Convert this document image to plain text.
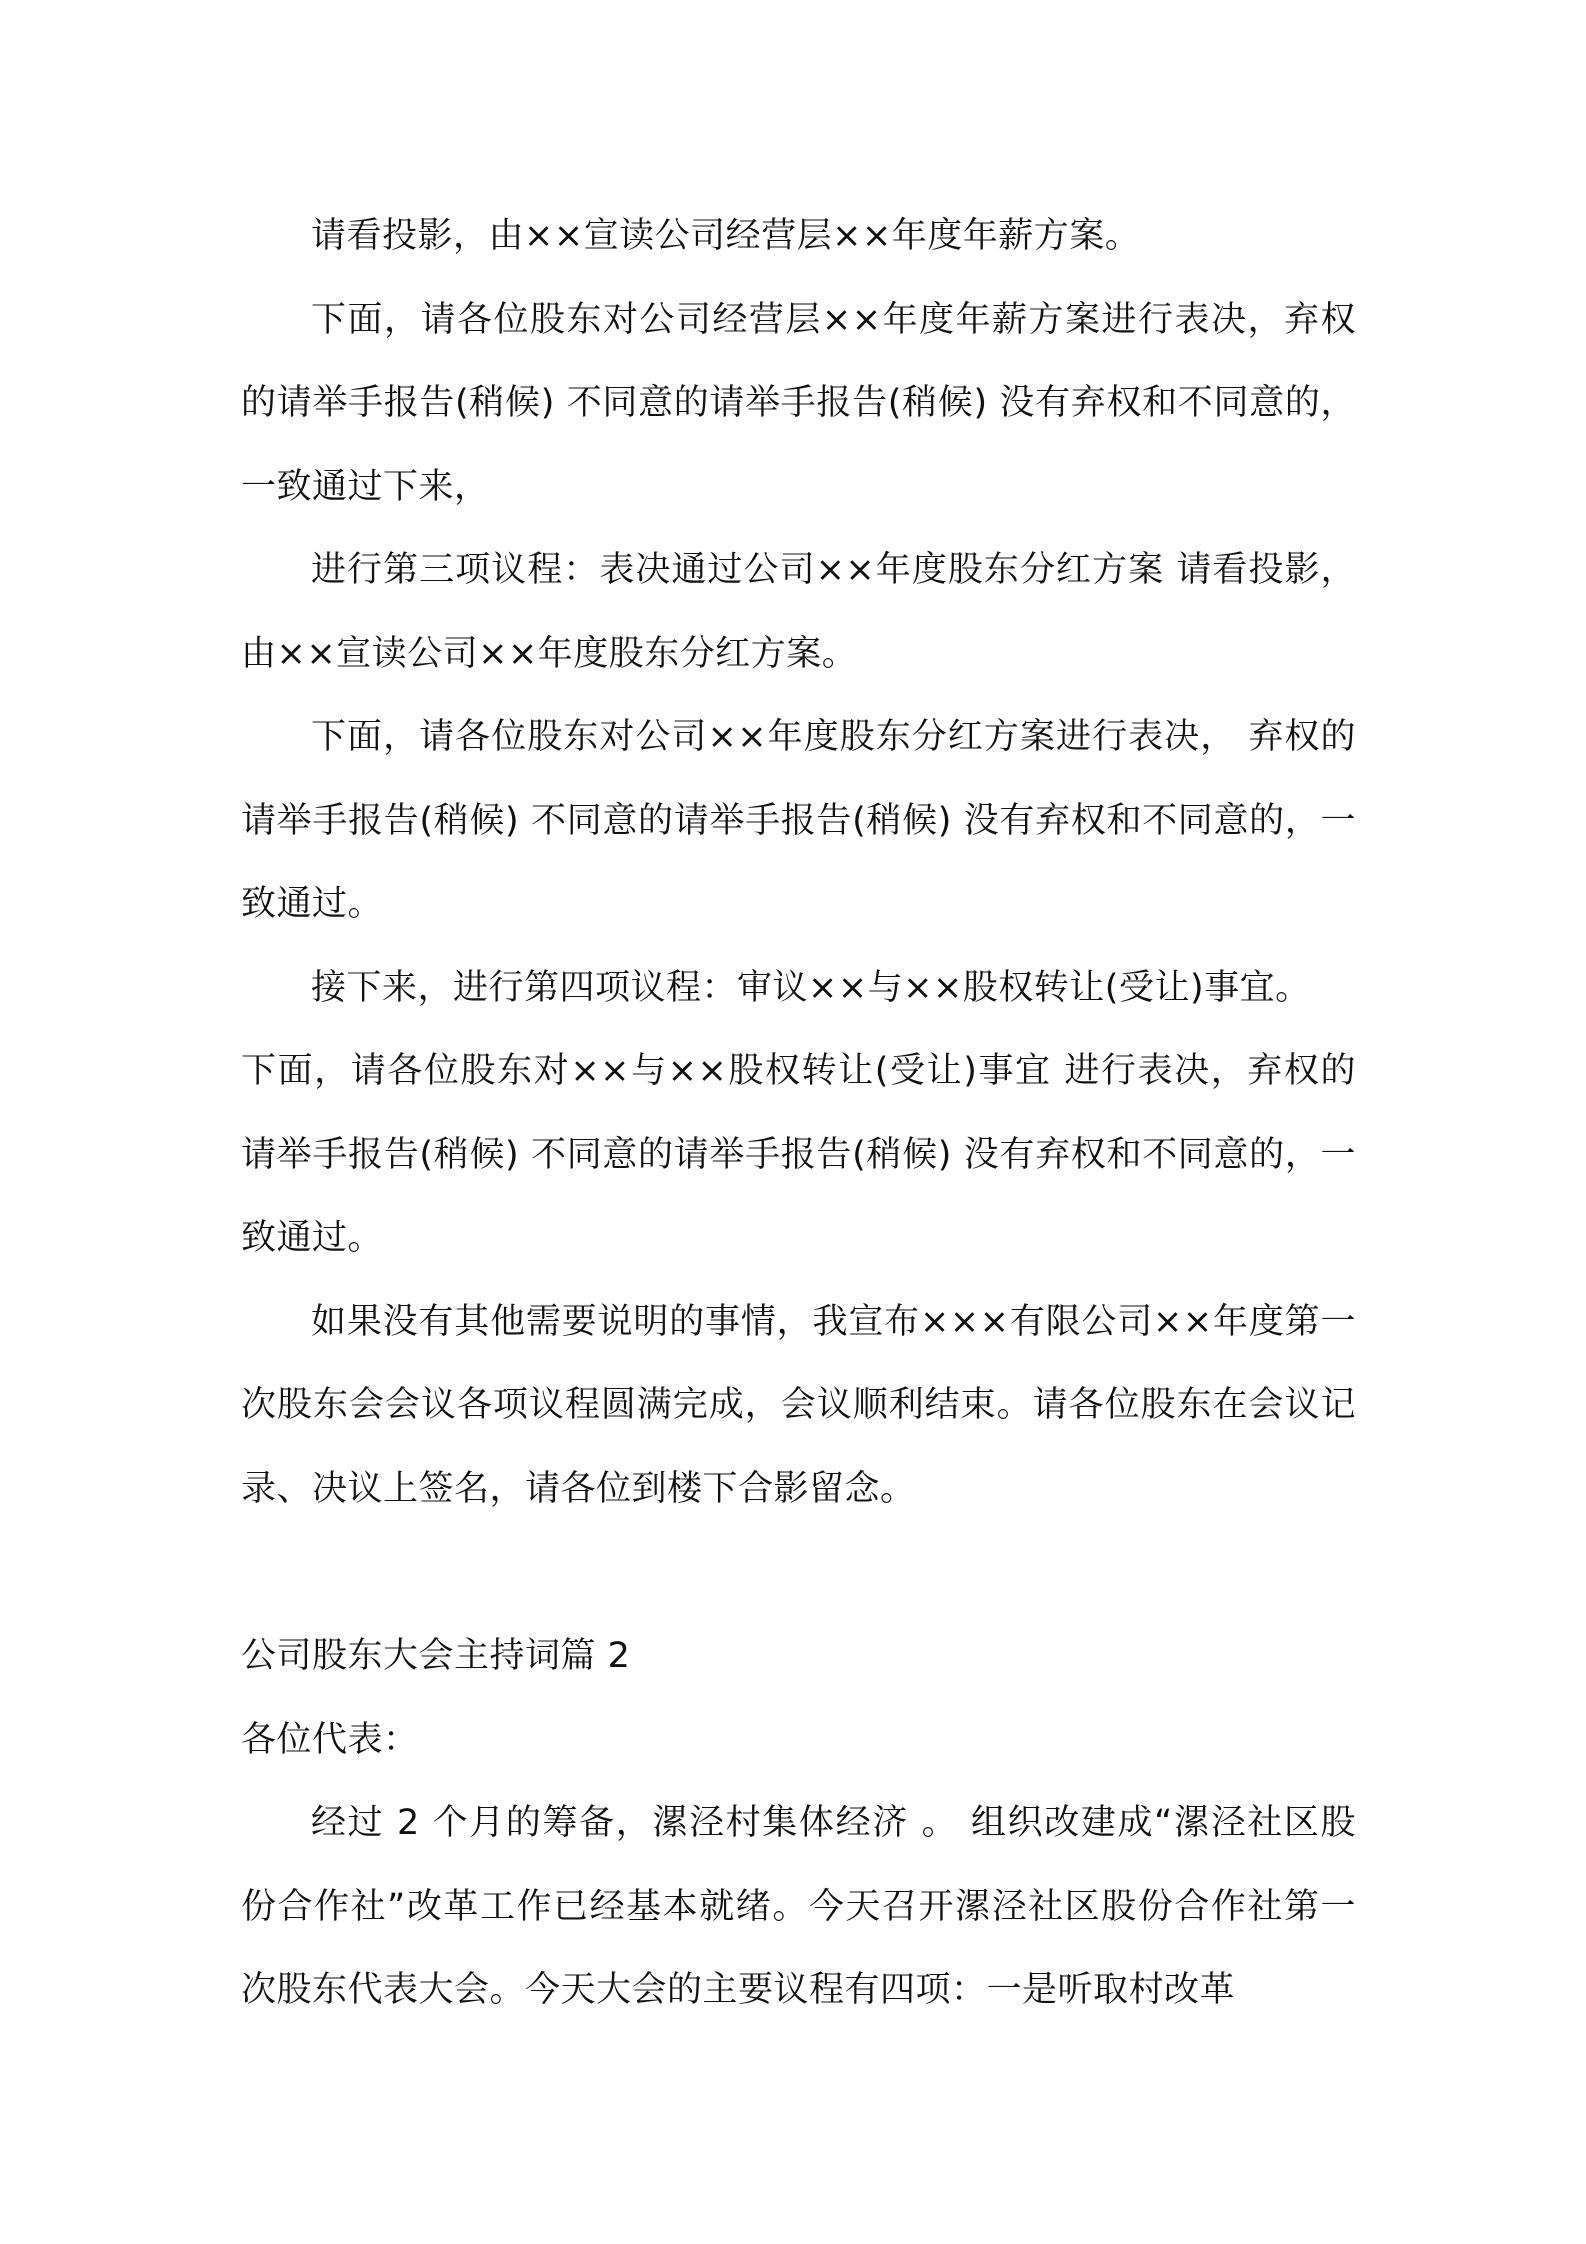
请看投影，由××宣读公司经营层××年度年薪方案。

下面，请各位股东对公司经营层××年度年薪方案进行表决，弃权的请举手报告(稍候) 不同意的请举手报告(稍候) 没有弃权和不同意的，一致通过下来，

进行第三项议程：表决通过公司××年度股东分红方案 请看投影，由××宣读公司××年度股东分红方案。

下面，请各位股东对公司××年度股东分红方案进行表决， 弃权的请举手报告(稍候) 不同意的请举手报告(稍候) 没有弃权和不同意的，一致通过。

接下来，进行第四项议程：审议××与××股权转让(受让)事宜。

下面，请各位股东对××与××股权转让(受让)事宜 进行表决，弃权的请举手报告(稍候) 不同意的请举手报告(稍候) 没有弃权和不同意的，一致通过。

如果没有其他需要说明的事情，我宣布×××有限公司××年度第一次股东会会议各项议程圆满完成，会议顺利结束。请各位股东在会议记录、决议上签名，请各位到楼下合影留念。

公司股东大会主持词篇 2

各位代表：

经过 2 个月的筹备，漯泾村集体经济 。 组织改建成“漯泾社区股份合作社”改革工作已经基本就绪。今天召开漯泾社区股份合作社第一次股东代表大会。今天大会的主要议程有四项：一是听取村改革
